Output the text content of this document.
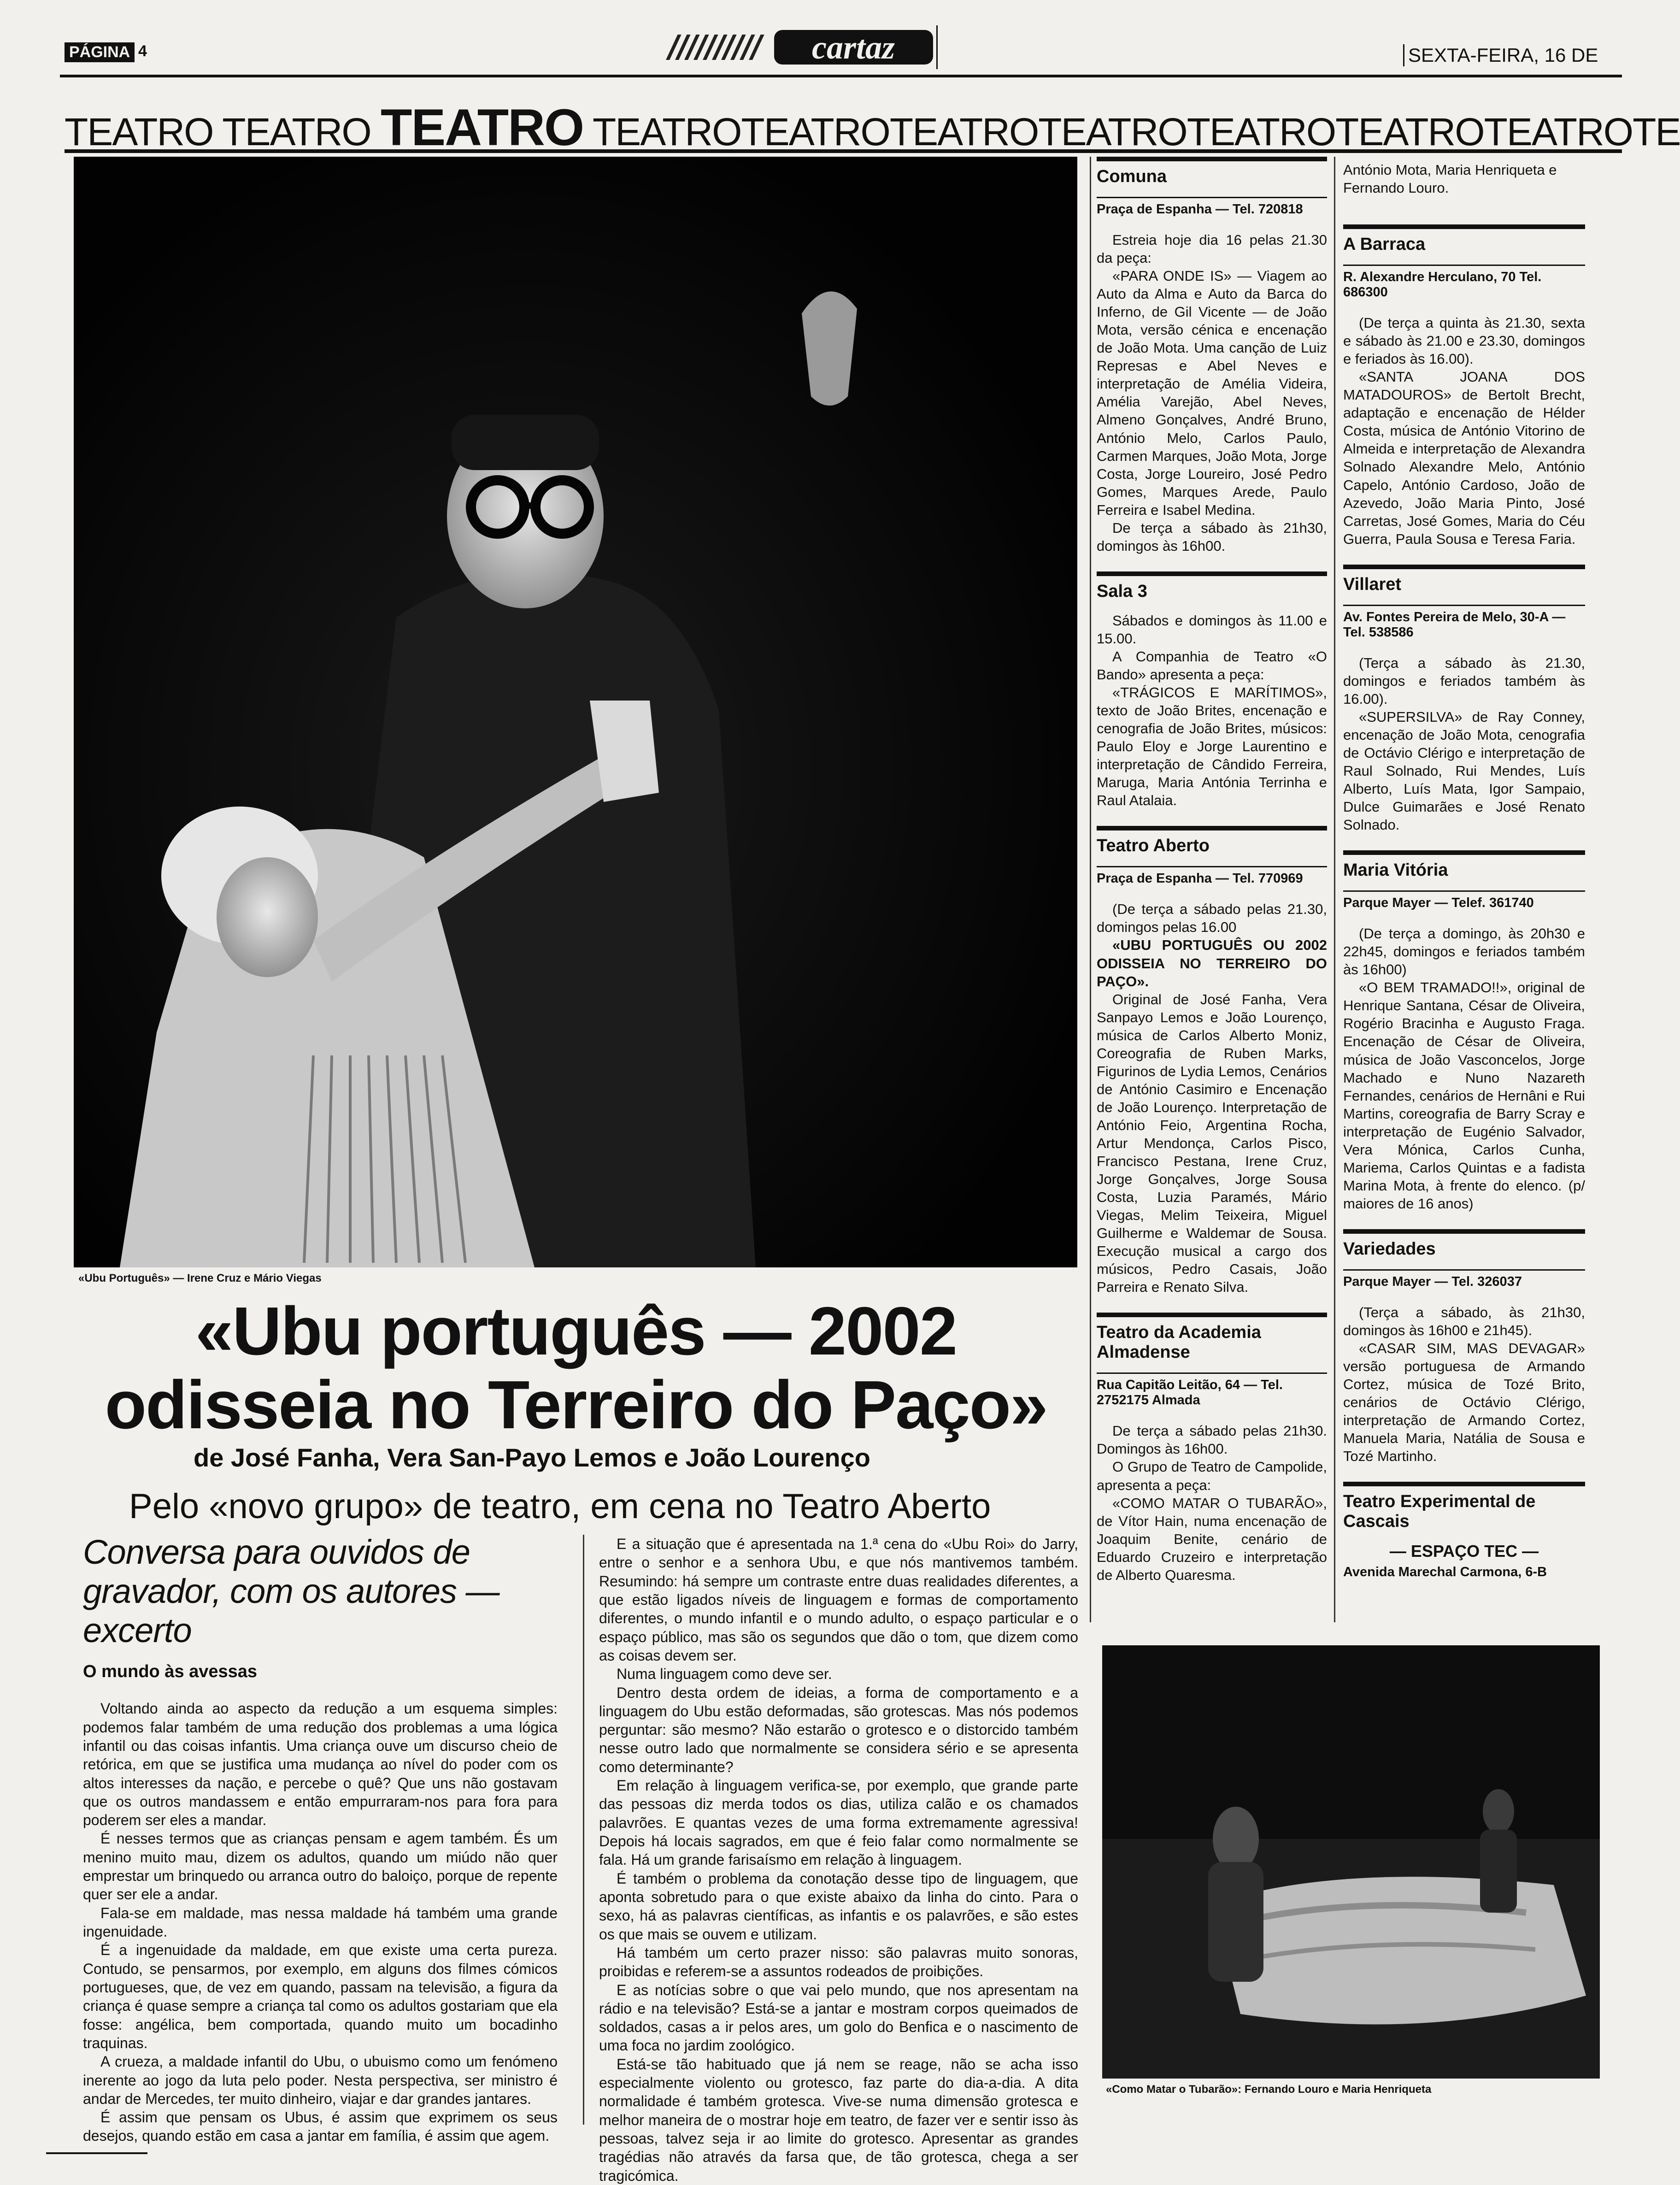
PÁGINA 4	cartaz	SEXTA-FEIRA, 16 DE
TEATRO TEATRO TEATRO TEATROTEATROTEATROTEATROTEATROTEATROTEATROTE
«Ubu Português» — Irene Cruz e Mário Viegas
«Ubu português — 2002
odisseia no Terreiro do Paço»
de José Fanha, Vera San-Payo Lemos e João Lourenço
Pelo «novo grupo» de teatro, em cena no Teatro Aberto

Conversa para ouvidos de gravador, com os autores — excerto

O mundo às avessas

Voltando ainda ao aspecto da redução a um esquema simples: podemos falar também de uma redução dos problemas a uma lógica infantil ou das coisas infantis. Uma criança ouve um discurso cheio de retórica, em que se justifica uma mudança ao nível do poder com os altos interesses da nação, e percebe o quê? Que uns não gostavam que os outros mandassem e então empurraram-nos para fora para poderem ser eles a mandar.

É nesses termos que as crianças pensam e agem também. És um menino muito mau, dizem os adultos, quando um miúdo não quer emprestar um brinquedo ou arranca outro do baloiço, porque de repente quer ser ele a andar.

Fala-se em maldade, mas nessa maldade há também uma grande ingenuidade.

É a ingenuidade da maldade, em que existe uma certa pureza. Contudo, se pensarmos, por exemplo, em alguns dos filmes cómicos portugueses, que, de vez em quando, passam na televisão, a figura da criança é quase sempre a criança tal como os adultos gostariam que ela fosse: angélica, bem comportada, quando muito um bocadinho traquinas.

A crueza, a maldade infantil do Ubu, o ubuismo como um fenómeno inerente ao jogo da luta pelo poder. Nesta perspectiva, ser ministro é andar de Mercedes, ter muito dinheiro, viajar e dar grandes jantares.

É assim que pensam os Ubus, é assim que exprimem os seus desejos, quando estão em casa a jantar em família, é assim que agem.

E a situação que é apresentada na 1.ª cena do «Ubu Roi» do Jarry, entre o senhor e a senhora Ubu, e que nós mantivemos também. Resumindo: há sempre um contraste entre duas realidades diferentes, a que estão ligados níveis de linguagem e formas de comportamento diferentes, o mundo infantil e o mundo adulto, o espaço particular e o espaço público, mas são os segundos que dão o tom, que dizem como as coisas devem ser.

Numa linguagem como deve ser.

Dentro desta ordem de ideias, a forma de comportamento e a linguagem do Ubu estão deformadas, são grotescas. Mas nós podemos perguntar: são mesmo? Não estarão o grotesco e o distorcido também nesse outro lado que normalmente se considera sério e se apresenta como determinante?

Em relação à linguagem verifica-se, por exemplo, que grande parte das pessoas diz merda todos os dias, utiliza calão e os chamados palavrões. E quantas vezes de uma forma extremamente agressiva! Depois há locais sagrados, em que é feio falar como normalmente se fala. Há um grande farisaísmo em relação à linguagem.

É também o problema da conotação desse tipo de linguagem, que aponta sobretudo para o que existe abaixo da linha do cinto. Para o sexo, há as palavras científicas, as infantis e os palavrões, e são estes os que mais se ouvem e utilizam.

Há também um certo prazer nisso: são palavras muito sonoras, proibidas e referem-se a assuntos rodeados de proibições.

E as notícias sobre o que vai pelo mundo, que nos apresentam na rádio e na televisão? Está-se a jantar e mostram corpos queimados de soldados, casas a ir pelos ares, um golo do Benfica e o nascimento de uma foca no jardim zoológico.

Está-se tão habituado que já nem se reage, não se acha isso especialmente violento ou grotesco, faz parte do dia-a-dia. A dita normalidade é também grotesca. Vive-se numa dimensão grotesca e melhor maneira de o mostrar hoje em teatro, de fazer ver e sentir isso às pessoas, talvez seja ir ao limite do grotesco. Apresentar as grandes tragédias não através da farsa que, de tão grotesca, chega a ser tragicómica.

Comuna
Praça de Espanha — Tel. 720818

Estreia hoje dia 16 pelas 21.30 da peça:

«PARA ONDE IS» — Viagem ao Auto da Alma e Auto da Barca do Inferno, de Gil Vicente — de João Mota, versão cénica e encenação de João Mota. Uma canção de Luiz Represas e Abel Neves e interpretação de Amélia Videira, Amélia Varejão, Abel Neves, Almeno Gonçalves, André Bruno, António Melo, Carlos Paulo, Carmen Marques, João Mota, Jorge Costa, Jorge Loureiro, José Pedro Gomes, Marques Arede, Paulo Ferreira e Isabel Medina.

De terça a sábado às 21h30, domingos às 16h00.

Sala 3

Sábados e domingos às 11.00 e 15.00.

A Companhia de Teatro «O Bando» apresenta a peça:

«TRÁGICOS E MARÍTIMOS», texto de João Brites, encenação e cenografia de João Brites, músicos: Paulo Eloy e Jorge Laurentino e interpretação de Cândido Ferreira, Maruga, Maria Antónia Terrinha e Raul Atalaia.

Teatro Aberto
Praça de Espanha — Tel. 770969

(De terça a sábado pelas 21.30, domingos pelas 16.00

«UBU PORTUGUÊS OU 2002 ODISSEIA NO TERREIRO DO PAÇO».

Original de José Fanha, Vera Sanpayo Lemos e João Lourenço, música de Carlos Alberto Moniz, Coreografia de Ruben Marks, Figurinos de Lydia Lemos, Cenários de António Casimiro e Encenação de João Lourenço. Interpretação de António Feio, Argentina Rocha, Artur Mendonça, Carlos Pisco, Francisco Pestana, Irene Cruz, Jorge Gonçalves, Jorge Sousa Costa, Luzia Paramés, Mário Viegas, Melim Teixeira, Miguel Guilherme e Waldemar de Sousa. Execução musical a cargo dos músicos, Pedro Casais, João Parreira e Renato Silva.

Teatro da Academia Almadense
Rua Capitão Leitão, 64 — Tel. 2752175 Almada

De terça a sábado pelas 21h30. Domingos às 16h00.

O Grupo de Teatro de Campolide, apresenta a peça:

«COMO MATAR O TUBARÃO», de Vítor Hain, numa encenação de Joaquim Benite, cenário de Eduardo Cruzeiro e interpretação de Alberto Quaresma.

António Mota, Maria Henriqueta e Fernando Louro.
A Barraca
R. Alexandre Herculano, 70 Tel. 686300

(De terça a quinta às 21.30, sexta e sábado às 21.00 e 23.30, domingos e feriados às 16.00).

«SANTA JOANA DOS MATADOUROS» de Bertolt Brecht, adaptação e encenação de Hélder Costa, música de António Vitorino de Almeida e interpretação de Alexandra Solnado Alexandre Melo, António Capelo, António Cardoso, João de Azevedo, João Maria Pinto, José Carretas, José Gomes, Maria do Céu Guerra, Paula Sousa e Teresa Faria.

Villaret
Av. Fontes Pereira de Melo, 30-A — Tel. 538586

(Terça a sábado às 21.30, domingos e feriados também às 16.00).

«SUPERSILVA» de Ray Conney, encenação de João Mota, cenografia de Octávio Clérigo e interpretação de Raul Solnado, Rui Mendes, Luís Alberto, Luís Mata, Igor Sampaio, Dulce Guimarães e José Renato Solnado.

Maria Vitória
Parque Mayer — Telef. 361740

(De terça a domingo, às 20h30 e 22h45, domingos e feriados também às 16h00)

«O BEM TRAMADO!!», original de Henrique Santana, César de Oliveira, Rogério Bracinha e Augusto Fraga. Encenação de César de Oliveira, música de João Vasconcelos, Jorge Machado e Nuno Nazareth Fernandes, cenários de Hernâni e Rui Martins, coreografia de Barry Scray e interpretação de Eugénio Salvador, Vera Mónica, Carlos Cunha, Mariema, Carlos Quintas e a fadista Marina Mota, à frente do elenco. (p/ maiores de 16 anos)

Variedades
Parque Mayer — Tel. 326037

(Terça a sábado, às 21h30, domingos às 16h00 e 21h45).

«CASAR SIM, MAS DEVAGAR» versão portuguesa de Armando Cortez, música de Tozé Brito, cenários de Octávio Clérigo, interpretação de Armando Cortez, Manuela Maria, Natália de Sousa e Tozé Martinho.

Teatro Experimental de Cascais
— ESPAÇO TEC —
Avenida Marechal Carmona, 6-B
«Como Matar o Tubarão»: Fernando Louro e Maria Henriqueta
